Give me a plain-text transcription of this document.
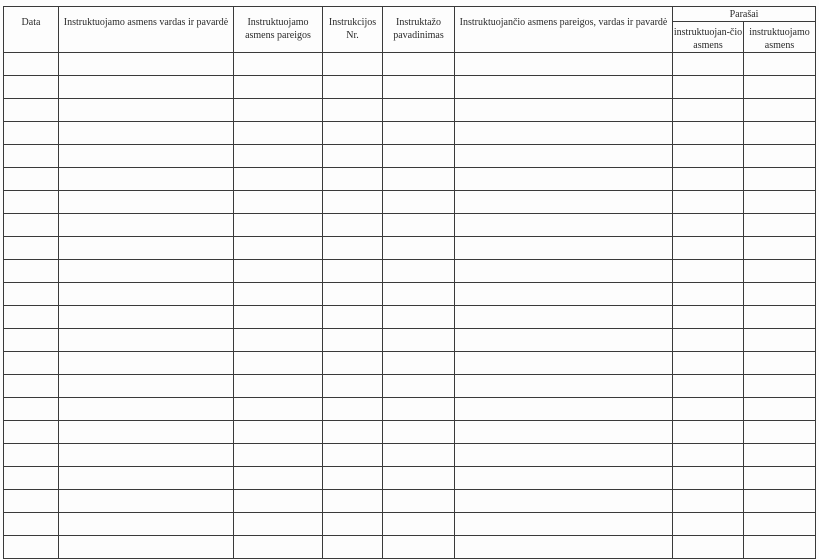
Data	Instruktuojamo asmens vardas ir pavardė	Instruktuojamo asmens pareigos	Instrukcijos Nr.	Instruktažo pavadinimas	Instruktuojančio asmens pareigos, vardas ir pavardė	Parašai	
						instruktuojan-čio asmens	instruktuojamo asmens
